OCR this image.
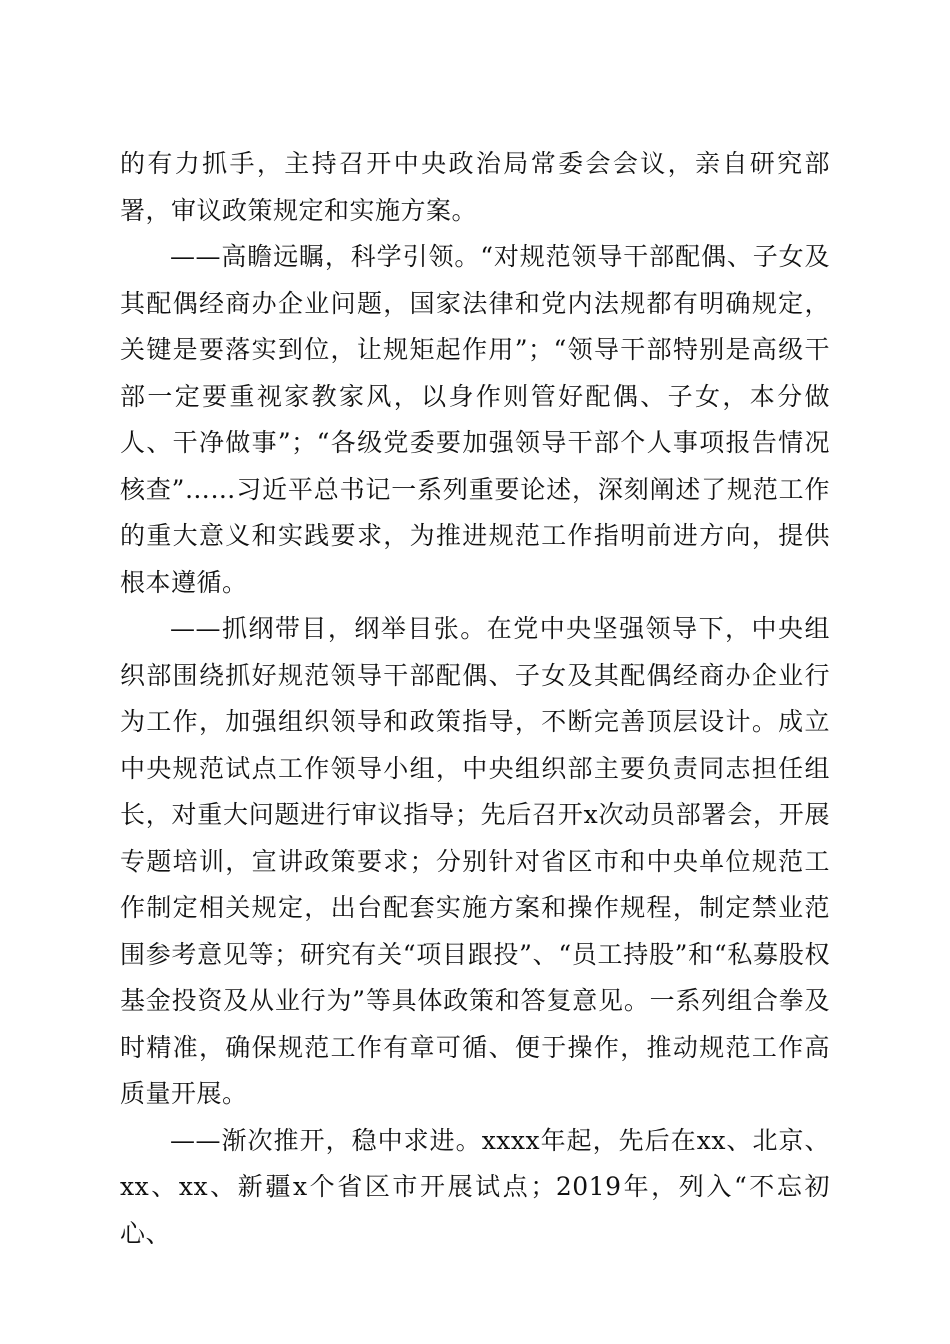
的有力抓手，主持召开中央政治局常委会会议，亲自研究部署，审议政策规定和实施方案。

——高瞻远瞩，科学引领。“对规范领导干部配偶、子女及其配偶经商办企业问题，国家法律和党内法规都有明确规定，关键是要落实到位，让规矩起作用”；“领导干部特别是高级干部一定要重视家教家风，以身作则管好配偶、子女，本分做人、干净做事”；“各级党委要加强领导干部个人事项报告情况核查”……习近平总书记一系列重要论述，深刻阐述了规范工作的重大意义和实践要求，为推进规范工作指明前进方向，提供根本遵循。

——抓纲带目，纲举目张。在党中央坚强领导下，中央组织部围绕抓好规范领导干部配偶、子女及其配偶经商办企业行为工作，加强组织领导和政策指导，不断完善顶层设计。成立中央规范试点工作领导小组，中央组织部主要负责同志担任组长，对重大问题进行审议指导；先后召开x次动员部署会，开展专题培训，宣讲政策要求；分别针对省区市和中央单位规范工作制定相关规定，出台配套实施方案和操作规程，制定禁业范围参考意见等；研究有关“项目跟投”、“员工持股”和“私募股权基金投资及从业行为”等具体政策和答复意见。一系列组合拳及时精准，确保规范工作有章可循、便于操作，推动规范工作高质量开展。

——渐次推开，稳中求进。xxxx年起，先后在xx、北京、xx、xx、新疆x个省区市开展试点；2019年，列入“不忘初心、
